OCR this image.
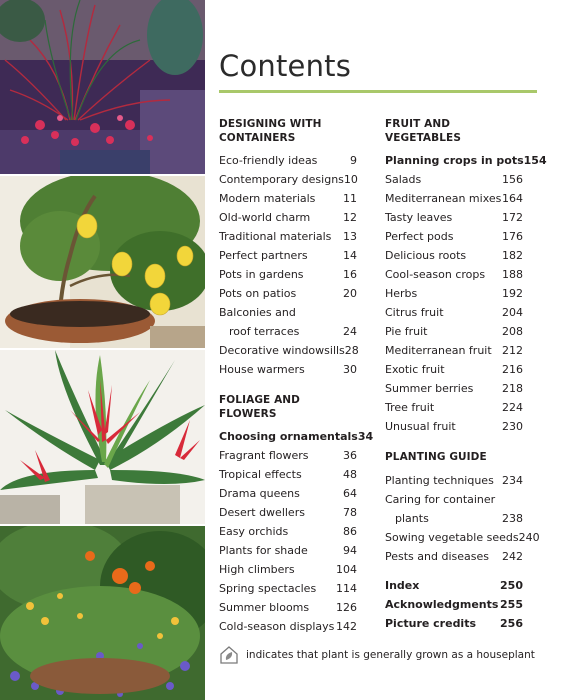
Contents
DESIGNING WITH
CONTAINERS
Eco-friendly ideas	9
Contemporary designs 10
Modern materials	11
Old-world charm	12
Traditional materials 13
Perfect partners	14
Pots in gardens	16
Pots on patios	20
Balconies and
roof terraces	24
Decorative windowsills 28
House warmers	30
FOLIAGE AND FLOWERS
Choosing ornamentals 34
Fragrant flowers	36
Tropical effects	48
Drama queens	64
Desert dwellers	78
Easy orchids	86
Plants for shade	94
High climbers	104
Spring spectacles 114
Summer blooms 126
Cold-season displays 142
FRUIT AND VEGETABLES
Planning crops in pots 154
Salads	156
Mediterranean mixes 164
Tasty leaves	172
Perfect pods	176
Delicious roots	182
Cool-season crops 188
Herbs	192
Citrus fruit	204
Pie fruit	208
Mediterranean fruit 212
Exotic fruit	216
Summer berries	218
Tree fruit	224
Unusual fruit	230
PLANTING GUIDE
Planting techniques 234
Caring for container
plants	238
Sowing vegetable seeds 240
Pests and diseases 242
Index	250
Acknowledgments 255
Picture credits 256
indicates that plant is generally grown as a houseplant
